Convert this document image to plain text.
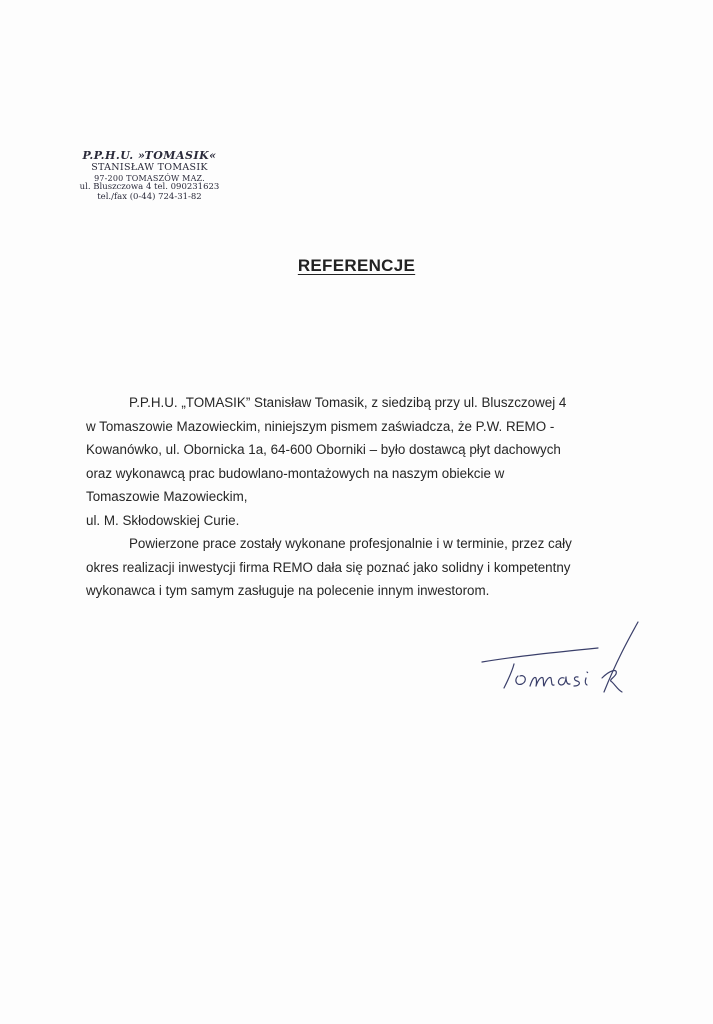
P.P.H.U. »TOMASIK«
STANISŁAW TOMASIK
97-200 TOMASZÓW MAZ.
ul. Bluszczowa 4 tel. 090231623
tel./fax (0-44) 724-31-82
REFERENCJE
P.P.H.U. „TOMASIK” Stanisław Tomasik, z siedzibą przy ul. Bluszczowej 4
w Tomaszowie Mazowieckim, niniejszym pismem zaświadcza, że P.W. REMO -
Kowanówko, ul. Obornicka 1a, 64-600 Oborniki – było dostawcą płyt dachowych
oraz wykonawcą prac budowlano-montażowych na naszym obiekcie w
Tomaszowie Mazowieckim,
ul. M. Skłodowskiej Curie.
Powierzone prace zostały wykonane profesjonalnie i w terminie, przez cały
okres realizacji inwestycji firma REMO dała się poznać jako solidny i kompetentny
wykonawca i tym samym zasługuje na polecenie innym inwestorom.
